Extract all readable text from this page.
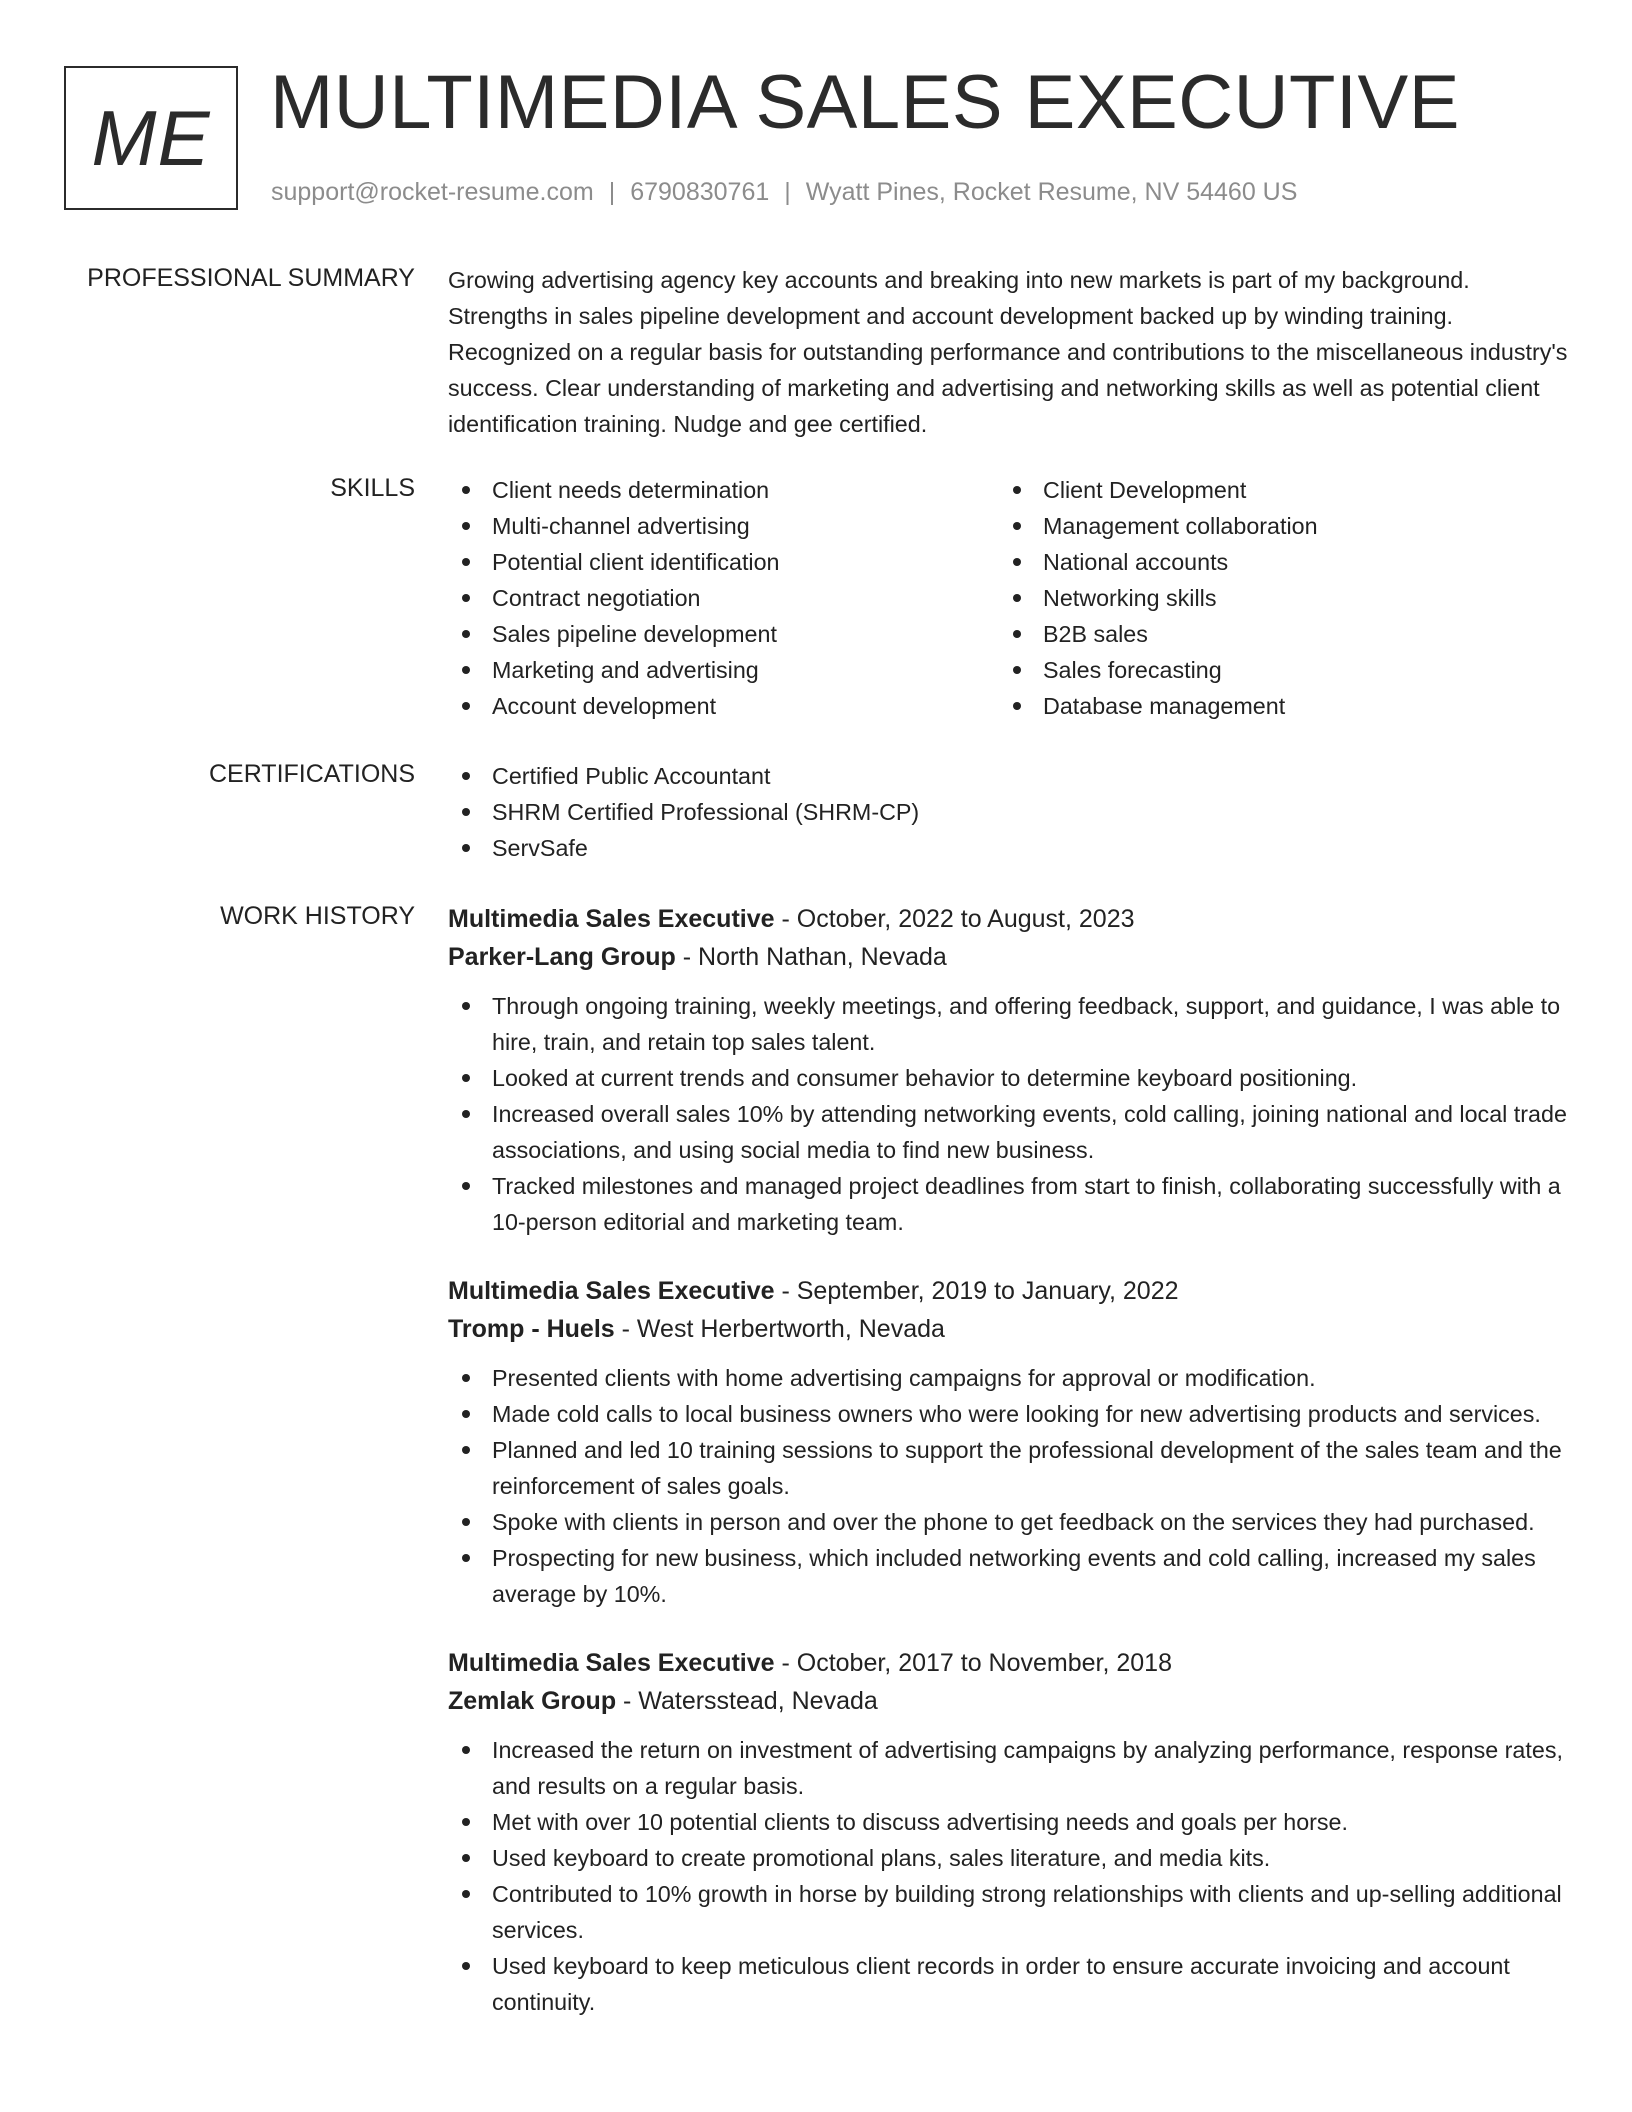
ME MULTIMEDIA SALES EXECUTIVE
support@rocket-resume.com | 6790830761 | Wyatt Pines, Rocket Resume, NV 54460 US
PROFESSIONAL SUMMARY Growing advertising agency key accounts and breaking into new markets is part of my background. Strengths in sales pipeline development and account development backed up by winding training. Recognized on a regular basis for outstanding performance and contributions to the miscellaneous industry's success. Clear understanding of marketing and advertising and networking skills as well as potential client identification training. Nudge and gee certified.

SKILLS	Client needs determination
Multi-channel advertising
Potential client identification
Contract negotiation
Sales pipeline development
Marketing and advertising
Account development
Client Development
Management collaboration
National accounts
Networking skills
B2B sales
Sales forecasting
Database management
CERTIFICATIONS	Certified Public Accountant
SHRM Certified Professional (SHRM-CP)
ServSafe
WORK HISTORY Multimedia Sales Executive - October, 2022 to August, 2023
Parker-Lang Group - North Nathan, Nevada
Through ongoing training, weekly meetings, and offering feedback, support, and guidance, I was able to hire, train, and retain top sales talent.
Looked at current trends and consumer behavior to determine keyboard positioning.
Increased overall sales 10% by attending networking events, cold calling, joining national and local trade associations, and using social media to find new business.
Tracked milestones and managed project deadlines from start to finish, collaborating successfully with a 10-person editorial and marketing team.
Multimedia Sales Executive - September, 2019 to January, 2022
Tromp - Huels - West Herbertworth, Nevada
Presented clients with home advertising campaigns for approval or modification.
Made cold calls to local business owners who were looking for new advertising products and services.
Planned and led 10 training sessions to support the professional development of the sales team and the reinforcement of sales goals.
Spoke with clients in person and over the phone to get feedback on the services they had purchased.
Prospecting for new business, which included networking events and cold calling, increased my sales average by 10%.
Multimedia Sales Executive - October, 2017 to November, 2018
Zemlak Group - Watersstead, Nevada
Increased the return on investment of advertising campaigns by analyzing performance, response rates, and results on a regular basis.
Met with over 10 potential clients to discuss advertising needs and goals per horse.
Used keyboard to create promotional plans, sales literature, and media kits.
Contributed to 10% growth in horse by building strong relationships with clients and up-selling additional services.
Used keyboard to keep meticulous client records in order to ensure accurate invoicing and account continuity.
